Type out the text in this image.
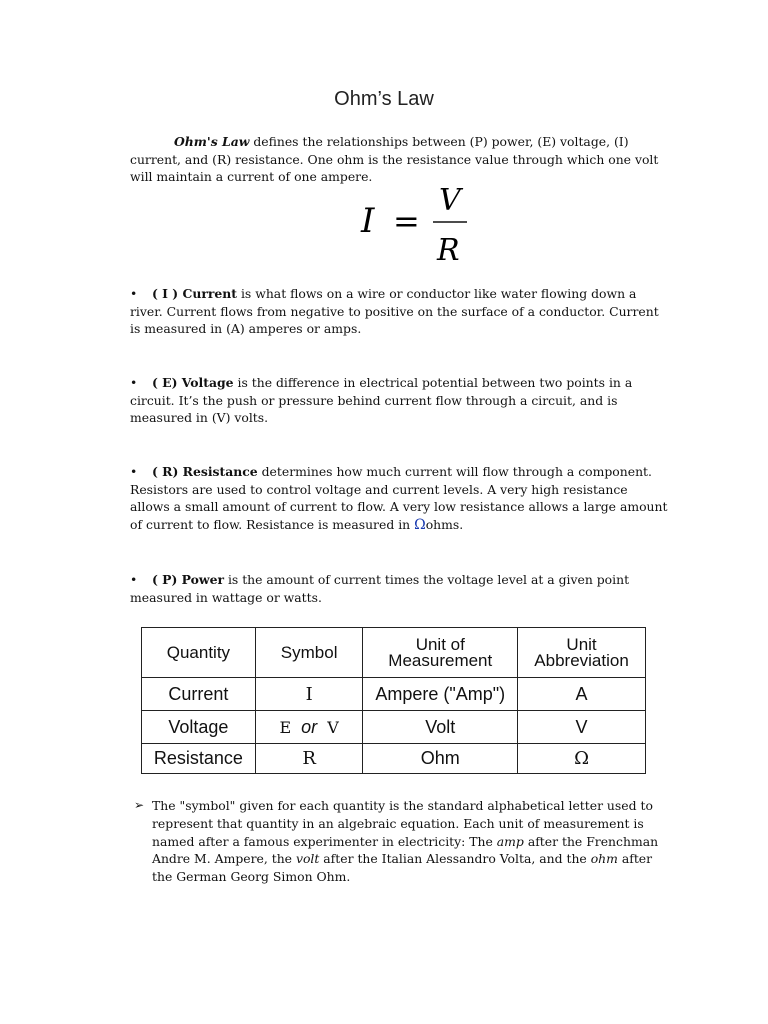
Ohm’s Law

Ohm's Law defines the relationships between (P) power, (E) voltage, (I) current, and (R) resistance. One ohm is the resistance value through which one volt will maintain a current of one ampere.

I =
V
R

• ( I ) Current is what flows on a wire or conductor like water flowing down a river. Current flows from negative to positive on the surface of a conductor. Current is measured in (A) amperes or amps.

• ( E) Voltage is the difference in electrical potential between two points in a circuit. It’s the push or pressure behind current flow through a circuit, and is measured in (V) volts.

• ( R) Resistance determines how much current will flow through a component. Resistors are used to control voltage and current levels. A very high resistance allows a small amount of current to flow. A very low resistance allows a large amount of current to flow. Resistance is measured in Ωohms.

• ( P) Power is the amount of current times the voltage level at a given point measured in wattage or watts.

Quantity	Symbol	Unit of Measurement	Unit Abbreviation

Current	I	Ampere ("Amp")	A
Voltage	E or V	Volt	V
Resistance	R	Ohm	Ω
➢ The "symbol" given for each quantity is the standard alphabetical letter used to represent that quantity in an algebraic equation. Each unit of measurement is named after a famous experimenter in electricity: The amp after the Frenchman Andre M. Ampere, the volt after the Italian Alessandro Volta, and the ohm after the German Georg Simon Ohm.
